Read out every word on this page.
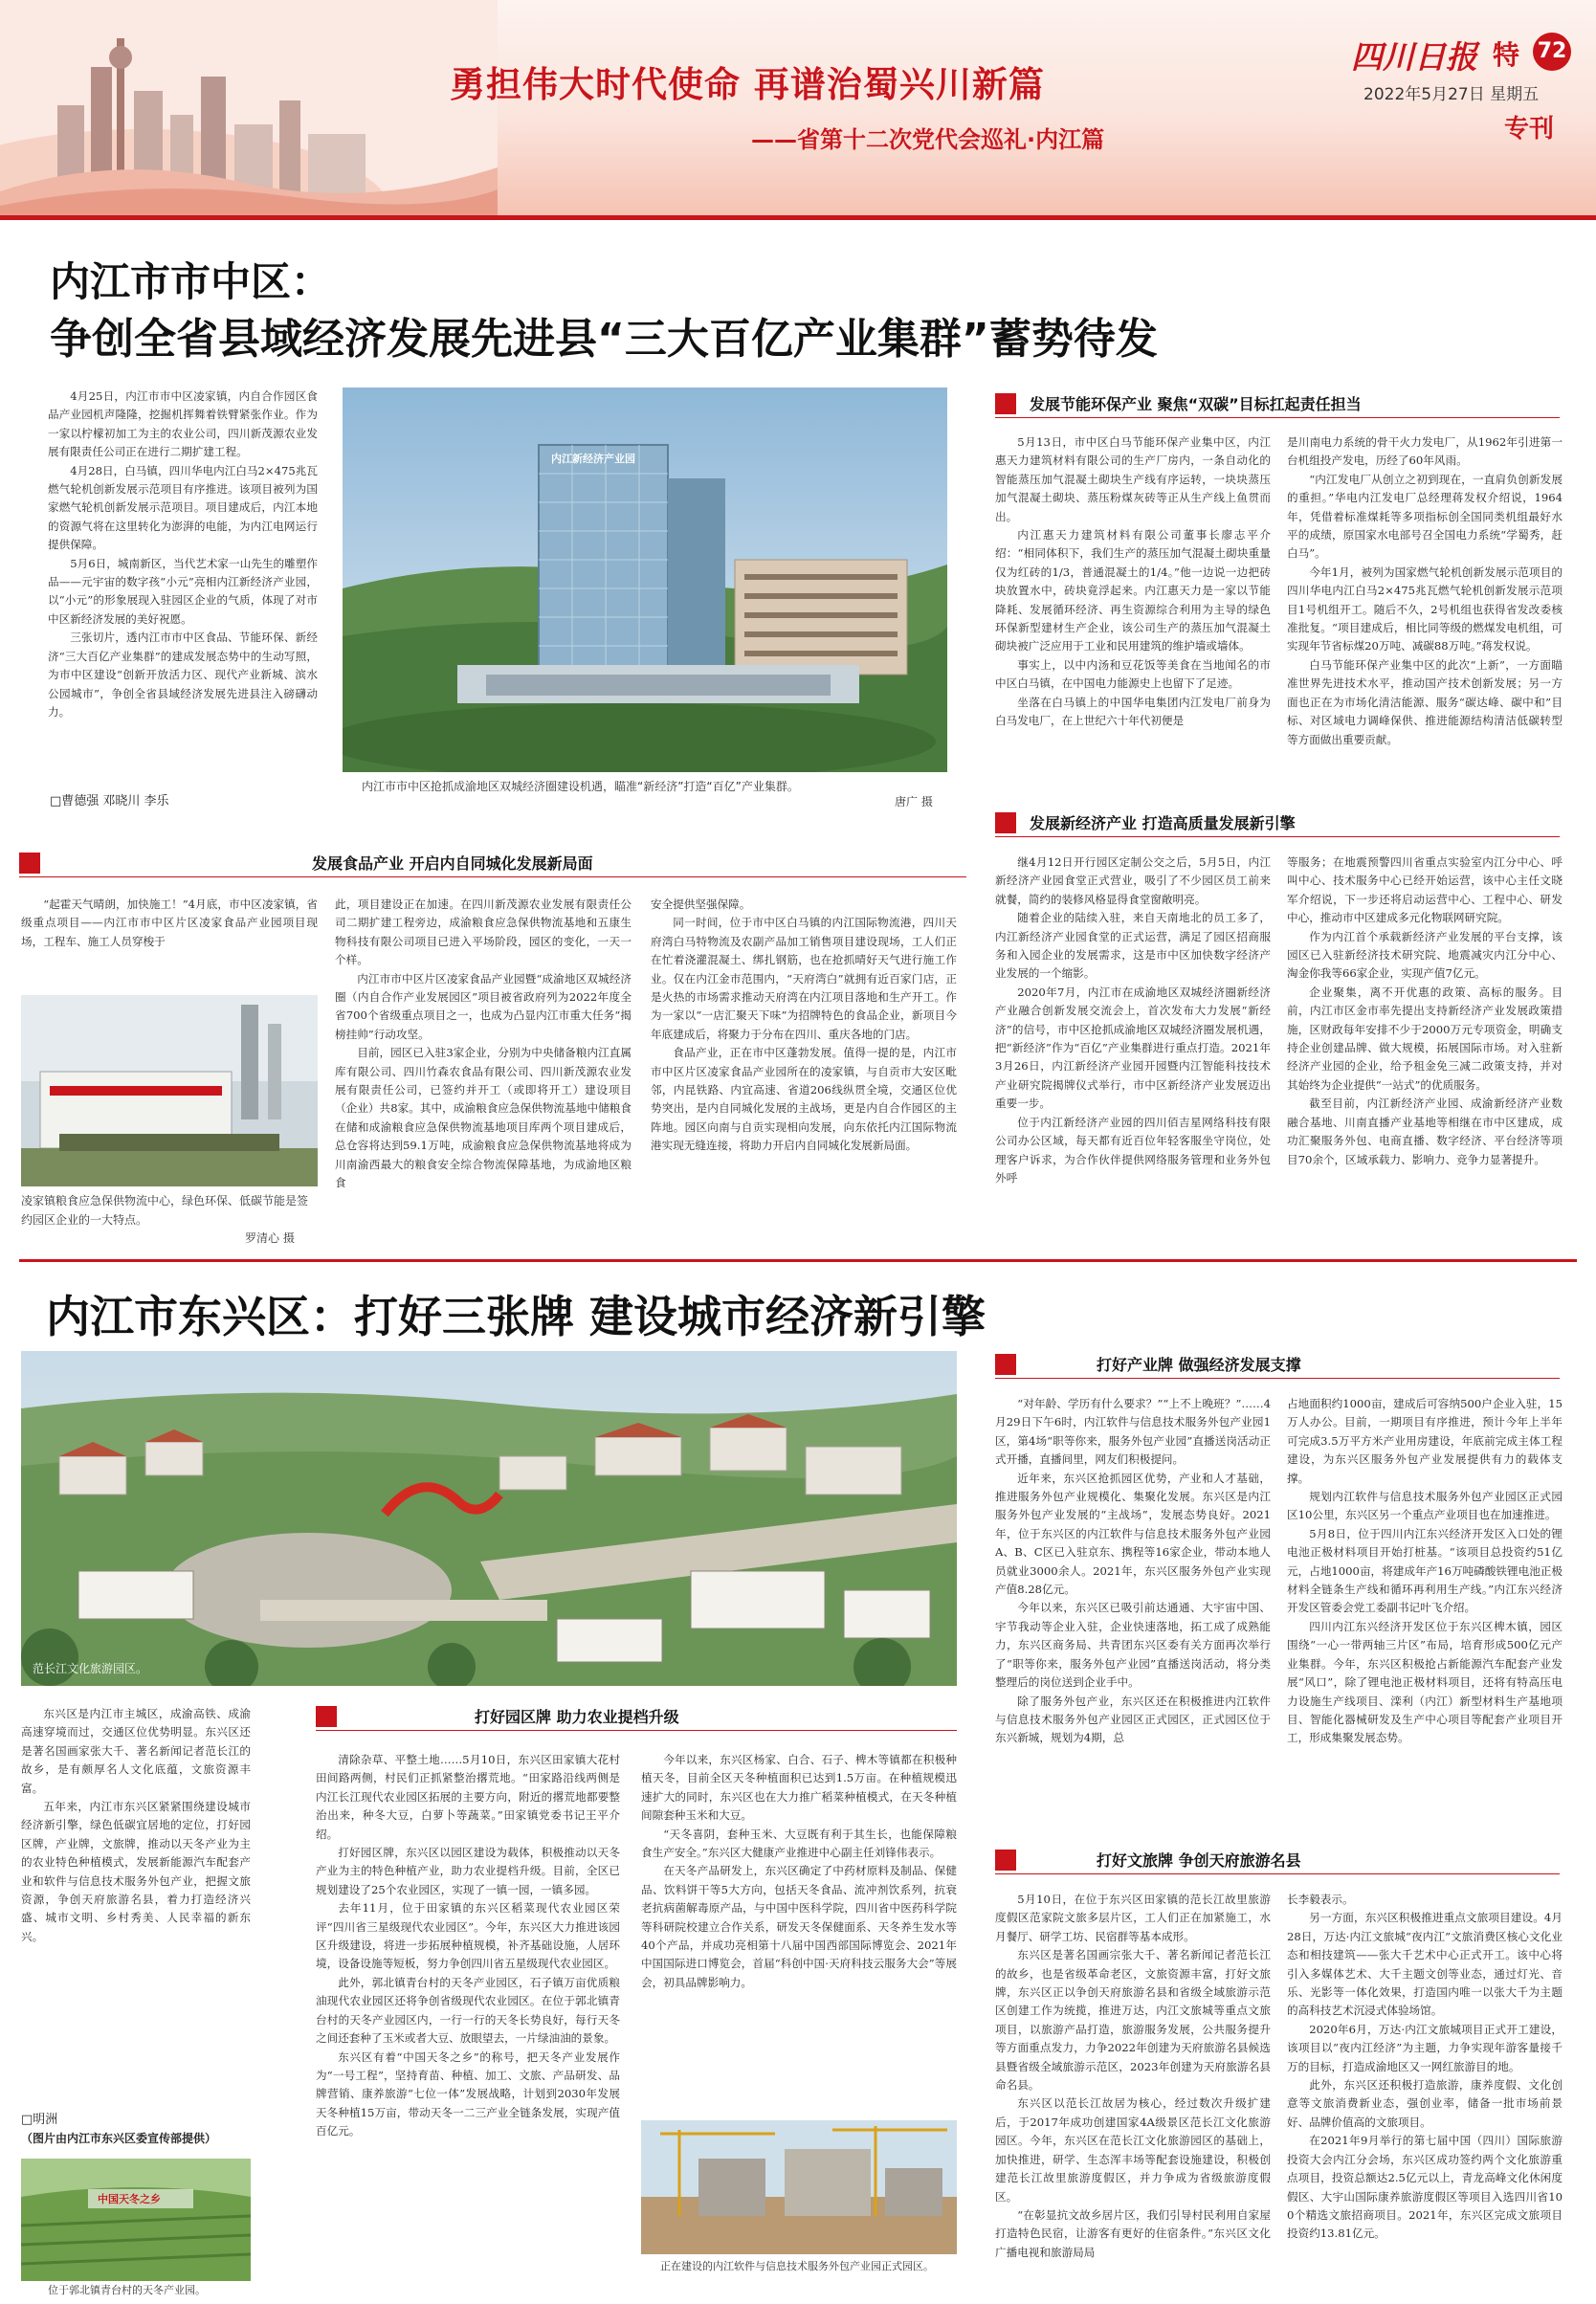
勇担伟大时代使命 再谱治蜀兴川新篇
——省第十二次党代会巡礼·内江篇
四川日报 特 72
2022年5月27日 星期五
专刊
内江市市中区：
争创全省县域经济发展先进县“三大百亿产业集群”蓄势待发

4月25日，内江市市中区凌家镇，内自合作园区食品产业园机声隆隆，挖掘机挥舞着铁臂紧张作业。作为一家以柠檬初加工为主的农业公司，四川新茂源农业发展有限责任公司正在进行二期扩建工程。

4月28日，白马镇，四川华电内江白马2×475兆瓦燃气轮机创新发展示范项目有序推进。该项目被列为国家燃气轮机创新发展示范项目。项目建成后，内江本地的资源气将在这里转化为澎湃的电能，为内江电网运行提供保障。

5月6日，城南新区，当代艺术家一山先生的雕塑作品——元宇宙的数字孩“小元”亮相内江新经济产业园，以“小元”的形象展现入驻园区企业的气质，体现了对市中区新经济发展的美好祝愿。

三张切片，透内江市市中区食品、节能环保、新经济“三大百亿产业集群”的建成发展态势中的生动写照，为市中区建设“创新开放活力区、现代产业新城、滨水公园城市”，争创全省县域经济发展先进县注入磅礴动力。

□曹德强 邓晓川 李乐
内江新经济产业园
内江市市中区抢抓成渝地区双城经济圈建设机遇，瞄准“新经济”打造“百亿”产业集群。
唐广 摄
发展节能环保产业 聚焦“双碳”目标扛起责任担当

5月13日，市中区白马节能环保产业集中区，内江惠天力建筑材料有限公司的生产厂房内，一条自动化的智能蒸压加气混凝土砌块生产线有序运转，一块块蒸压加气混凝土砌块、蒸压粉煤灰砖等正从生产线上鱼贯而出。

内江惠天力建筑材料有限公司董事长廖志平介绍：“相同体积下，我们生产的蒸压加气混凝土砌块重量仅为红砖的1/3，普通混凝土的1/4。”他一边说一边把砖块放置水中，砖块竟浮起来。内江惠天力是一家以节能降耗、发展循环经济、再生资源综合利用为主导的绿色环保新型建材生产企业，该公司生产的蒸压加气混凝土砌块被广泛应用于工业和民用建筑的维护墙或墙体。

事实上，以中内汤和豆花饭等美食在当地闻名的市中区白马镇，在中国电力能源史上也留下了足迹。

坐落在白马镇上的中国华电集团内江发电厂前身为白马发电厂，在上世纪六十年代初便是

是川南电力系统的骨干火力发电厂，从1962年引进第一台机组投产发电，历经了60年风雨。

“内江发电厂从创立之初到现在，一直肩负创新发展的重担。”华电内江发电厂总经理蒋发权介绍说，1964年，凭借着标准煤耗等多项指标创全国同类机组最好水平的成绩，原国家水电部号召全国电力系统“学蜀秀，赶白马”。

今年1月，被列为国家燃气轮机创新发展示范项目的四川华电内江白马2×475兆瓦燃气轮机创新发展示范项目1号机组开工。随后不久，2号机组也获得省发改委核准批复。“项目建成后，相比同等级的燃煤发电机组，可实现年节省标煤20万吨、减碳88万吨。”蒋发权说。

白马节能环保产业集中区的此次“上新”，一方面瞄准世界先进技术水平，推动国产技术创新发展；另一方面也正在为市场化清洁能源、服务“碳达峰、碳中和”目标、对区域电力调峰保供、推进能源结构清洁低碳转型等方面做出重要贡献。

发展新经济产业 打造高质量发展新引擎

继4月12日开行园区定制公交之后，5月5日，内江新经济产业园食堂正式营业，吸引了不少园区员工前来就餐，简约的装修风格显得食堂窗敞明亮。

随着企业的陆续入驻，来自天南地北的员工多了，内江新经济产业园食堂的正式运营，满足了园区招商服务和入园企业的发展需求，这是市中区加快数字经济产业发展的一个缩影。

2020年7月，内江市在成渝地区双城经济圈新经济产业融合创新发展交流会上，首次发布大力发展“新经济”的信号，市中区抢抓成渝地区双城经济圈发展机遇，把“新经济”作为“百亿”产业集群进行重点打造。2021年3月26日，内江新经济产业园开园暨内江智能科技技术产业研究院揭牌仪式举行，市中区新经济产业发展迈出重要一步。

位于内江新经济产业园的四川佰吉星网络科技有限公司办公区域，每天都有近百位年轻客服坐守岗位，处理客户诉求，为合作伙伴提供网络服务管理和业务外包外呼

等服务；在地震预警四川省重点实验室内江分中心、呼叫中心、技术服务中心已经开始运营，该中心主任文晓军介绍说，下一步还将启动运营中心、工程中心、研发中心，推动市中区建成多元化物联网研究院。

作为内江首个承载新经济产业发展的平台支撑，该园区已入驻新经济技术研究院、地震减灾内江分中心、淘金你我等66家企业，实现产值7亿元。

企业聚集，离不开优惠的政策、高标的服务。目前，内江市区金市率先提出支持新经济产业发展政策措施，区财政每年安排不少于2000万元专项资金，明确支持企业创建品牌、做大规模，拓展国际市场。对入驻新经济产业园的企业，给予租金免三减二政策支持，并对其始终为企业提供“一站式”的优质服务。

截至目前，内江新经济产业园、成渝新经济产业数融合基地、川南直播产业基地等相继在市中区建成，成功汇聚服务外包、电商直播、数字经济、平台经济等项目70余个，区域承载力、影响力、竞争力显著提升。

发展食品产业 开启内自同城化发展新局面

“起霍天气晴朗，加快施工！”4月底，市中区凌家镇，省级重点项目——内江市市中区片区凌家食品产业园项目现场，工程车、施工人员穿梭于

凌家镇粮食应急保供物流中心，绿色环保、低碳节能是签约园区企业的一大特点。
罗清心 摄

此，项目建设正在加速。在四川新茂源农业发展有限责任公司二期扩建工程旁边，成渝粮食应急保供物流基地和五康生物科技有限公司项目已进入平场阶段，园区的变化，一天一个样。

内江市市中区片区凌家食品产业园暨“成渝地区双城经济圈（内自合作产业发展园区”项目被省政府列为2022年度全省700个省级重点项目之一，也成为凸显内江市重大任务“揭榜挂帅”行动攻坚。

目前，园区已入驻3家企业，分别为中央储备粮内江直属库有限公司、四川竹森农食品有限公司、四川新茂源农业发展有限责任公司，已签约并开工（或即将开工）建设项目（企业）共8家。其中，成渝粮食应急保供物流基地中储粮食在储和成渝粮食应急保供物流基地项目库两个项目建成后，总仓容将达到59.1万吨，成渝粮食应急保供物流基地将成为川南渝西最大的粮食安全综合物流保障基地，为成渝地区粮食

安全提供坚强保障。

同一时间，位于市中区白马镇的内江国际物流港，四川天府湾白马特物流及农副产品加工销售项目建设现场，工人们正在忙着浇灌混凝土、绑扎钢筋，也在抢抓晴好天气进行施工作业。仅在内江金市范围内，“天府湾白”就拥有近百家门店，正是火热的市场需求推动天府湾在内江项目落地和生产开工。作为一家以“一店汇聚天下味”为招牌特色的食品企业，新项目今年底建成后，将聚力于分布在四川、重庆各地的门店。

食品产业，正在市中区蓬勃发展。值得一提的是，内江市市中区片区凌家食品产业园所在的凌家镇，与自贡市大安区毗邻，内昆铁路、内宜高速、省道206线纵贯全境，交通区位优势突出，是内自同城化发展的主战场，更是内自合作园区的主阵地。园区向南与自贡实现相向发展，向东依托内江国际物流港实现无缝连接，将助力开启内自同城化发展新局面。

内江市东兴区：打好三张牌 建设城市经济新引擎
范长江文化旅游园区。

东兴区是内江市主城区，成渝高铁、成渝高速穿境而过，交通区位优势明显。东兴区还是著名国画家张大千、著名新闻记者范长江的故乡，是有颇厚名人文化底蕴，文旅资源丰富。

五年来，内江市东兴区紧紧围绕建设城市经济新引擎，绿色低碳宜居地的定位，打好园区牌，产业牌，文旅牌，推动以天冬产业为主的农业特色种植模式，发展新能源汽车配套产业和软件与信息技术服务外包产业，把握文旅资源，争创天府旅游名县，着力打造经济兴盛、城市文明、乡村秀美、人民幸福的新东兴。

□明洲
（图片由内江市东兴区委宣传部提供）
中国天冬之乡
位于郭北镇青台村的天冬产业园。
打好园区牌 助力农业提档升级

清除杂草、平整土地……5月10日，东兴区田家镇大花村田间路两侧，村民们正抓紧整治撂荒地。“田家路沿线两侧是内江长江现代农业园区拓展的主要方向，附近的撂荒地都要整治出来，种冬大豆，白萝卜等蔬菜。”田家镇党委书记王平介绍。

打好园区牌，东兴区以园区建设为载体，积极推动以天冬产业为主的特色种植产业，助力农业提档升级。目前，全区已规划建设了25个农业园区，实现了一镇一园，一镇多园。

去年11月，位于田家镇的东兴区稻菜现代农业园区荣评“四川省三星级现代农业园区”。今年，东兴区大力推进该园区升级建设，将进一步拓展种植规模，补齐基础设施，人居环境，设备设施等短板，努力争创四川省五星级现代农业园区。

此外，郭北镇青台村的天冬产业园区，石子镇万亩优质粮油现代农业园区还将争创省级现代农业园区。在位于郭北镇青台村的天冬产业园区内，一行一行的天冬长势良好，每行天冬之间还套种了玉米或者大豆、放眼望去，一片绿油油的景象。

东兴区有着“中国天冬之乡”的称号，把天冬产业发展作为“一号工程”，坚持育苗、种植、加工、文旅、产品研发、品牌营销、康养旅游“七位一体”发展战略，计划到2030年发展天冬种植15万亩，带动天冬一二三产业全链条发展，实现产值百亿元。

今年以来，东兴区杨家、白合、石子、椑木等镇都在积极种植天冬，目前全区天冬种植面积已达到1.5万亩。在种植规模迅速扩大的同时，东兴区也在大力推广稻菜种植模式，在天冬种植间隙套种玉米和大豆。

“天冬喜阴，套种玉米、大豆既有利于其生长，也能保障粮食生产安全。”东兴区大健康产业推进中心副主任刘锋伟表示。

在天冬产品研发上，东兴区确定了中药材原料及制品、保健品、饮料饼干等5大方向，包括天冬食品、流冲剂饮系列，抗衰老抗病菌解毒原产品，与中国中医科学院，四川省中医药科学院等科研院校建立合作关系，研发天冬保健面系、天冬养生发水等40个产品，并成功亮相第十八届中国西部国际博览会、2021年中国国际进口博览会，首届“科创中国·天府科技云服务大会”等展会，初具品牌影响力。

正在建设的内江软件与信息技术服务外包产业园正式园区。
打好产业牌 做强经济发展支撑

“对年龄、学历有什么要求？”“上不上晚班？”……4月29日下午6时，内江软件与信息技术服务外包产业园1区，第4场“职等你来，服务外包产业园”直播送岗活动正式开播，直播间里，网友们积极提问。

近年来，东兴区抢抓园区优势，产业和人才基础，推进服务外包产业规模化、集聚化发展。东兴区是内江服务外包产业发展的“主战场”，发展态势良好。2021年，位于东兴区的内江软件与信息技术服务外包产业园A、B、C区已入驻京东、携程等16家企业，带动本地人员就业3000余人。2021年，东兴区服务外包产业实现产值8.28亿元。

今年以来，东兴区已吸引前达通通、大宇宙中国、宇节我动等企业入驻，企业快速落地，拓工成了成熟能力，东兴区商务局、共青团东兴区委有关方面再次举行了“职等你来，服务外包产业园”直播送岗活动，将分类整理后的岗位送到企业手中。

除了服务外包产业，东兴区还在积极推进内江软件与信息技术服务外包产业园区正式园区，正式园区位于东兴新城，规划为4期，总

占地面积约1000亩，建成后可容纳500户企业入驻，15万人办公。目前，一期项目有序推进，预计今年上半年可完成3.5万平方米产业用房建设，年底前完成主体工程建设，为东兴区服务外包产业发展提供有力的载体支撑。

规划内江软件与信息技术服务外包产业园区正式园区10公里，东兴区另一个重点产业项目也在加速推进。

5月8日，位于四川内江东兴经济开发区入口处的锂电池正极材料项目开始打桩基。“该项目总投资约51亿元，占地1000亩，将建成年产16万吨磷酸铁锂电池正极材料全链条生产线和循环再利用生产线。”内江东兴经济开发区管委会党工委副书记叶飞介绍。

四川内江东兴经济开发区位于东兴区椑木镇，园区围绕“一心一带两轴三片区”布局，培育形成500亿元产业集群。今年，东兴区积极抢占新能源汽车配套产业发展“风口”，除了锂电池正极材料项目，还将有特高压电力设施生产线项目、滦利（内江）新型材料生产基地项目、智能化器械研发及生产中心项目等配套产业项目开工，形成集聚发展态势。

打好文旅牌 争创天府旅游名县

5月10日，在位于东兴区田家镇的范长江故里旅游度假区范家院文旅多层片区，工人们正在加紧施工，水月餐厅、研学工坊、民宿群等基本成形。

东兴区是著名国画宗张大千、著名新闻记者范长江的故乡，也是省级革命老区，文旅资源丰富，打好文旅牌，东兴区正以争创天府旅游名县和省级全域旅游示范区创建工作为统揽，推进万达，内江文旅城等重点文旅项目，以旅游产品打造，旅游服务发展，公共服务提升等方面重点发力，力争2022年创建为天府旅游名县候选县暨省级全域旅游示范区，2023年创建为天府旅游名县命名县。

东兴区以范长江故居为核心，经过数次升级扩建后，于2017年成功创建国家4A级景区范长江文化旅游园区。今年，东兴区在范长江文化旅游园区的基础上，加快推进，研学、生态浑丰场等配套设施建设，积极创建范长江故里旅游度假区，并力争成为省级旅游度假区。

“在彰显抗文故乡居片区，我们引导村民利用自家屋打造特色民宿，让游客有更好的住宿条件。”东兴区文化广播电视和旅游局局

长李毅表示。

另一方面，东兴区积极推进重点文旅项目建设。4月28日，万达·内江文旅城“夜内江”文旅消费区核心文化业态和相技建筑——张大千艺术中心正式开工。该中心将引入多媒体艺术、大千主题文创等业态，通过灯光、音乐、光影等一体化效果，打造国内唯一以张大千为主题的高科技艺术沉浸式体验场馆。

2020年6月，万达·内江文旅城项目正式开工建设，该项目以“夜内江经济”为主题，力争实现年游客量接千万的目标，打造成渝地区又一网红旅游目的地。

此外，东兴区还积极打造旅游，康养度假、文化创意等文旅消费新业态，强创业率，储备一批市场前景好、品牌价值高的文旅项目。

在2021年9月举行的第七届中国（四川）国际旅游投资大会内江分会场，东兴区成功签约两个文化旅游重点项目，投资总额达2.5亿元以上，青龙高峰文化休闲度假区、大宇山国际康养旅游度假区等项目入选四川省100个精选文旅招商项目。2021年，东兴区完成文旅项目投资约13.81亿元。
